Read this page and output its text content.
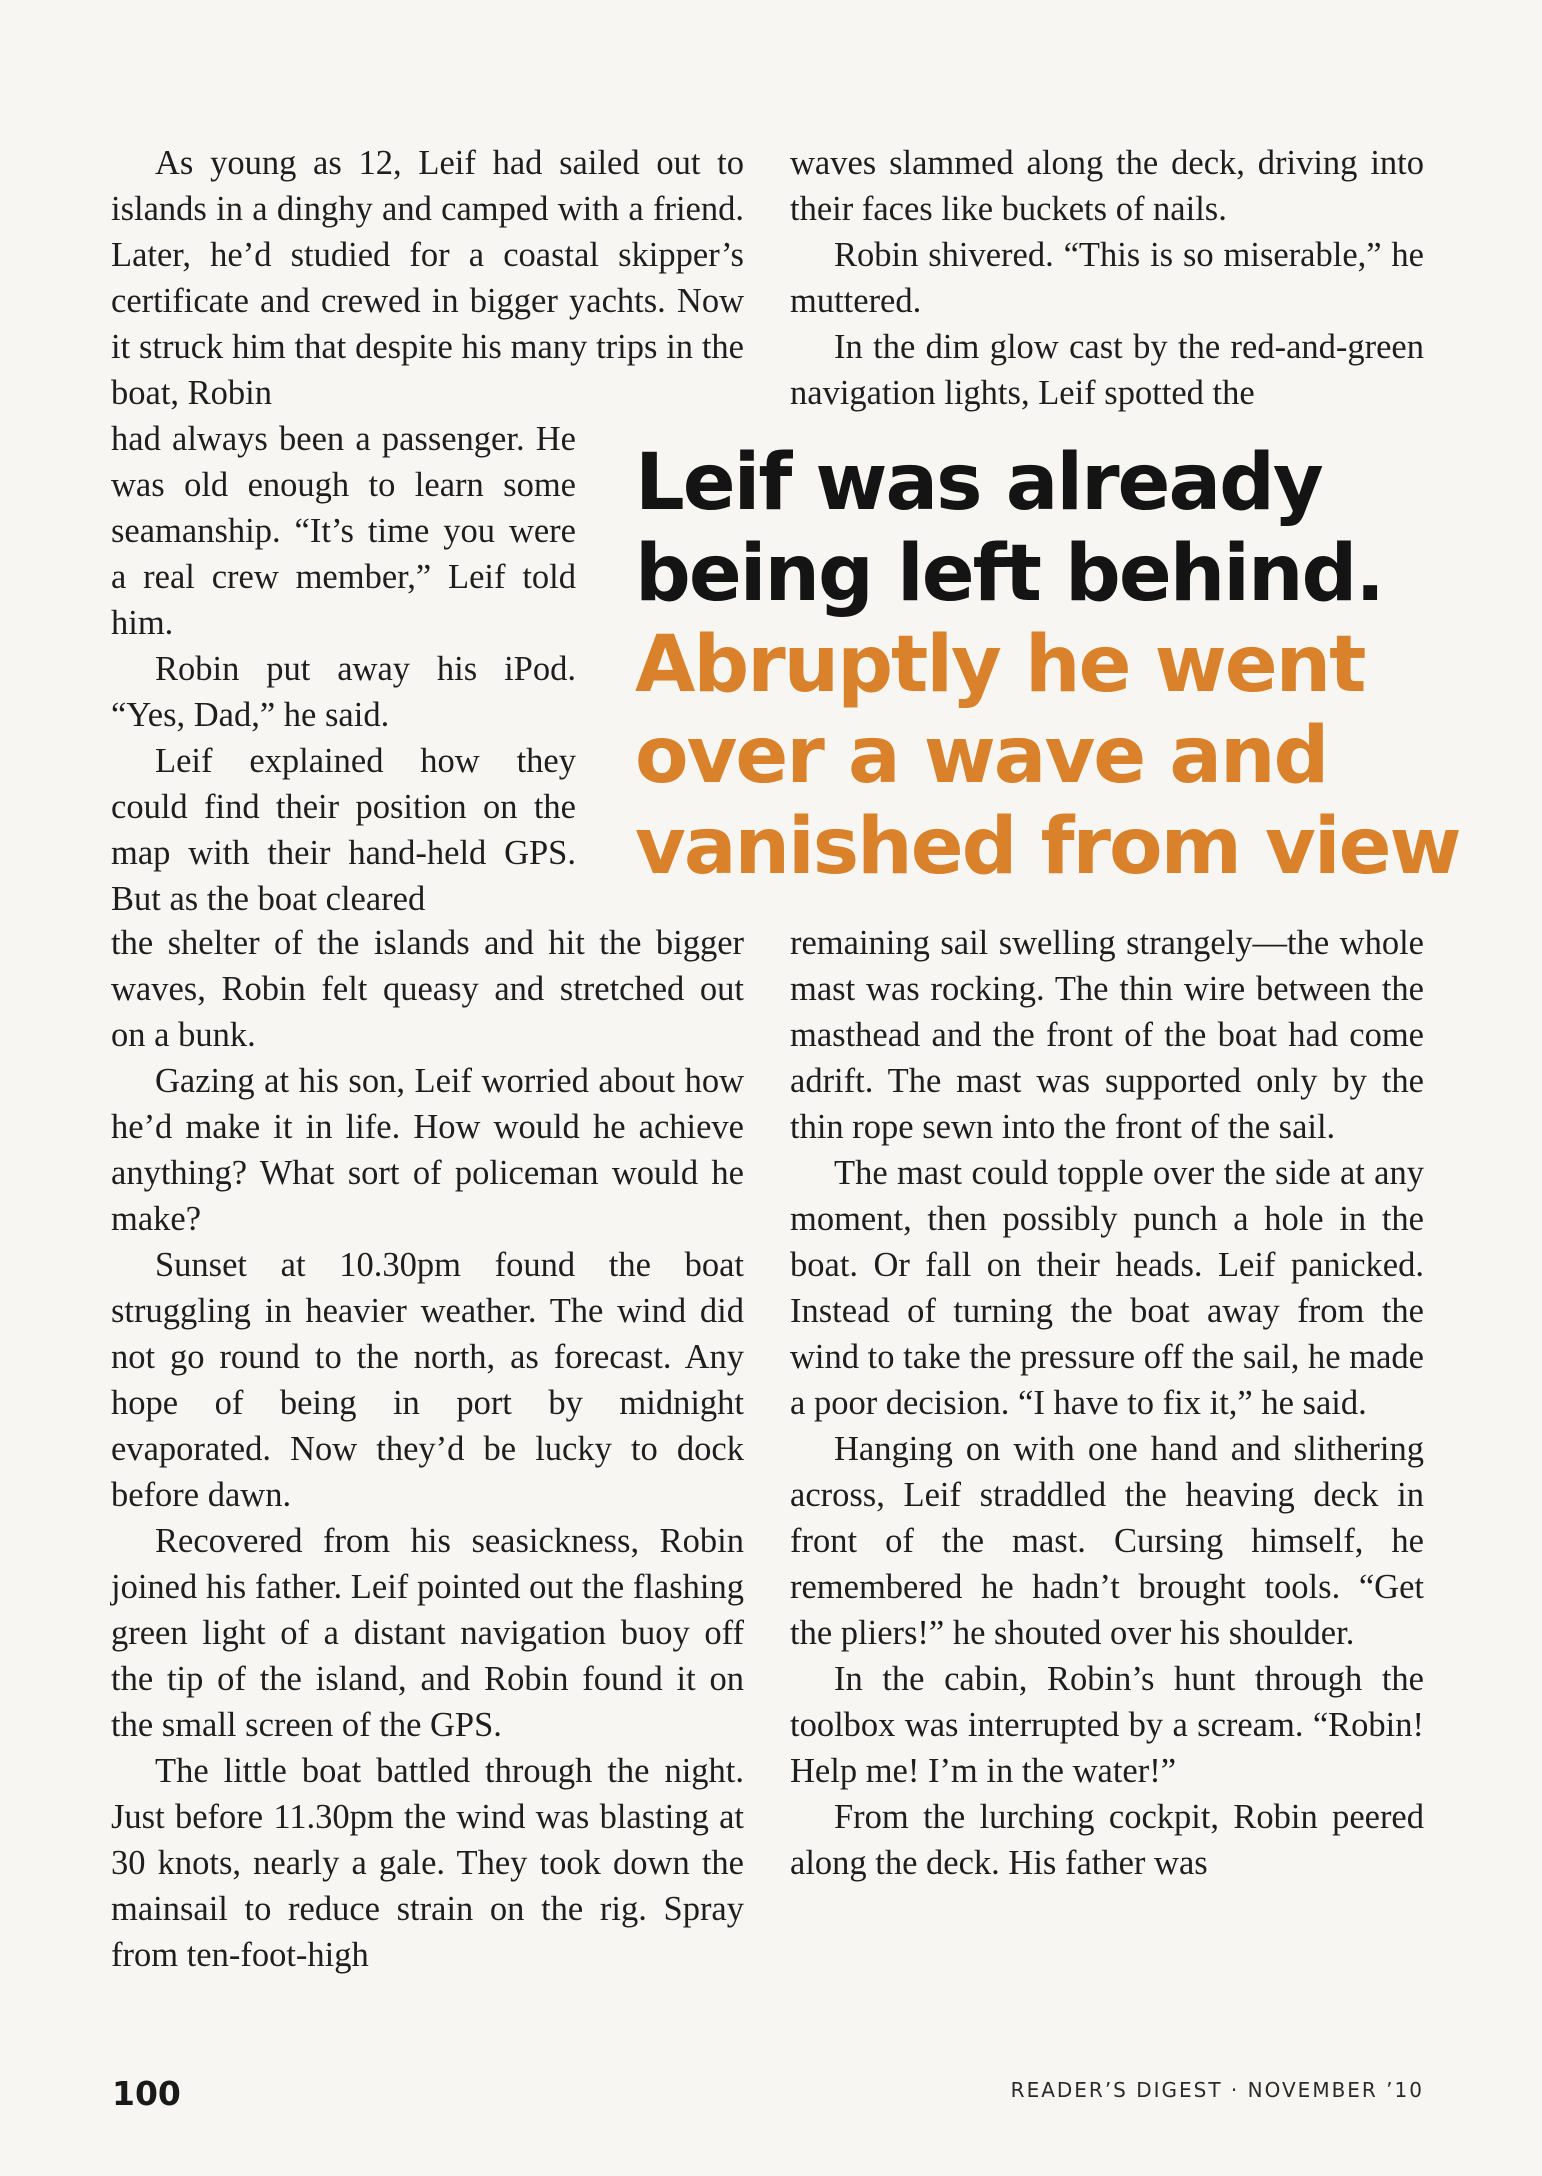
As young as 12, Leif had sailed out to islands in a dinghy and camped with a friend. Later, he’d studied for a coastal skipper’s certificate and crewed in bigger yachts. Now it struck him that despite his many trips in the boat, Robin

had always been a passenger. He was old enough to learn some seamanship. “It’s time you were a real crew member,” Leif told him.

Robin put away his iPod. “Yes, Dad,” he said.

Leif explained how they could find their position on the map with their hand-held GPS. But as the boat cleared

the shelter of the islands and hit the bigger waves, Robin felt queasy and stretched out on a bunk.

Gazing at his son, Leif worried about how he’d make it in life. How would he achieve anything? What sort of policeman would he make?

Sunset at 10.30pm found the boat struggling in heavier weather. The wind did not go round to the north, as forecast. Any hope of being in port by midnight evaporated. Now they’d be lucky to dock before dawn.

Recovered from his seasickness, Robin joined his father. Leif pointed out the flashing green light of a distant navigation buoy off the tip of the island, and Robin found it on the small screen of the GPS.

The little boat battled through the night. Just before 11.30pm the wind was blasting at 30 knots, nearly a gale. They took down the mainsail to reduce strain on the rig. Spray from ten-foot-high

waves slammed along the deck, driving into their faces like buckets of nails.

Robin shivered. “This is so miserable,” he muttered.

In the dim glow cast by the red-and-green navigation lights, Leif spotted the

Leif was already
being left behind.
Abruptly he went
over a wave and
vanished from view

remaining sail swelling strangely—the whole mast was rocking. The thin wire between the masthead and the front of the boat had come adrift. The mast was supported only by the thin rope sewn into the front of the sail.

The mast could topple over the side at any moment, then possibly punch a hole in the boat. Or fall on their heads. Leif panicked. Instead of turning the boat away from the wind to take the pressure off the sail, he made a poor decision. “I have to fix it,” he said.

Hanging on with one hand and slithering across, Leif straddled the heaving deck in front of the mast. Cursing himself, he remembered he hadn’t brought tools. “Get the pliers!” he shouted over his shoulder.

In the cabin, Robin’s hunt through the toolbox was interrupted by a scream. “Robin! Help me! I’m in the water!”

From the lurching cockpit, Robin peered along the deck. His father was

100	READER’S DIGEST · NOVEMBER ’10
